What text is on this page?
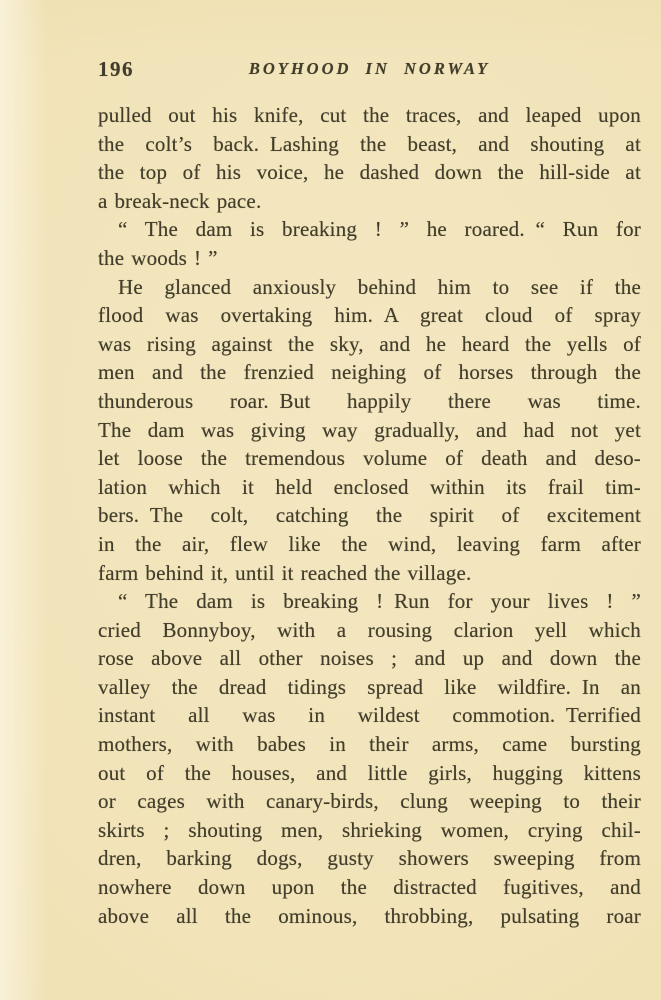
196	BOYHOOD IN NORWAY
pulled out his knife, cut the traces, and leaped upon
the colt’s back. Lashing the beast, and shouting at
the top of his voice, he dashed down the hill-side at
a break-neck pace.
“ The dam is breaking ! ” he roared. “ Run for
the woods ! ”
He glanced anxiously behind him to see if the
flood was overtaking him. A great cloud of spray
was rising against the sky, and he heard the yells of
men and the frenzied neighing of horses through the
thunderous roar. But happily there was time.
The dam was giving way gradually, and had not yet
let loose the tremendous volume of death and deso-
lation which it held enclosed within its frail tim-
bers. The colt, catching the spirit of excitement
in the air, flew like the wind, leaving farm after
farm behind it, until it reached the village.
“ The dam is breaking ! Run for your lives ! ”
cried Bonnyboy, with a rousing clarion yell which
rose above all other noises ; and up and down the
valley the dread tidings spread like wildfire. In an
instant all was in wildest commotion. Terrified
mothers, with babes in their arms, came bursting
out of the houses, and little girls, hugging kittens
or cages with canary-birds, clung weeping to their
skirts ; shouting men, shrieking women, crying chil-
dren, barking dogs, gusty showers sweeping from
nowhere down upon the distracted fugitives, and
above all the ominous, throbbing, pulsating roar
